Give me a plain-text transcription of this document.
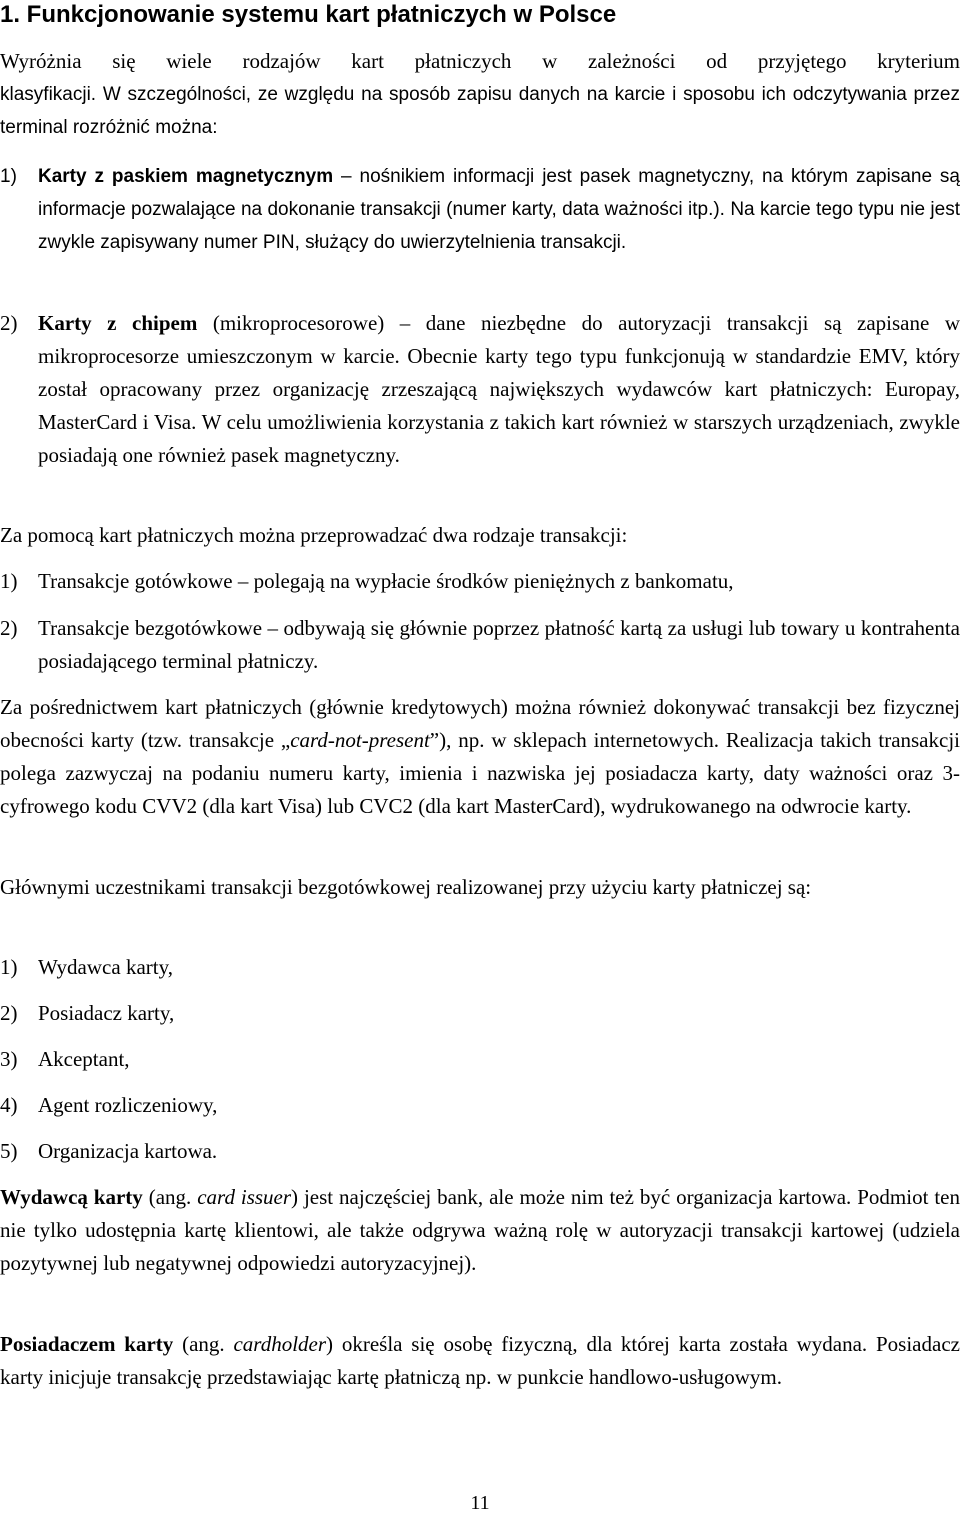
1. Funkcjonowanie systemu kart płatniczych w Polsce

Wyróżnia się wiele rodzajów kart płatniczych w zależności od przyjętego kryterium

klasyfikacji. W szczególności, ze względu na sposób zapisu danych na karcie i sposobu ich odczytywania przez terminal rozróżnić można:

1) Karty z paskiem magnetycznym – nośnikiem informacji jest pasek magnetyczny, na którym zapisane są informacje pozwalające na dokonanie transakcji (numer karty, data ważności itp.). Na karcie tego typu nie jest zwykle zapisywany numer PIN, służący do uwierzytelnienia transakcji.
2) Karty z chipem (mikroprocesorowe) – dane niezbędne do autoryzacji transakcji są zapisane w mikroprocesorze umieszczonym w karcie. Obecnie karty tego typu funkcjonują w standardzie EMV, który został opracowany przez organizację zrzeszającą największych wydawców kart płatniczych: Europay, MasterCard i Visa. W celu umożliwienia korzystania z takich kart również w starszych urządzeniach, zwykle posiadają one również pasek magnetyczny.

Za pomocą kart płatniczych można przeprowadzać dwa rodzaje transakcji:

1) Transakcje gotówkowe – polegają na wypłacie środków pieniężnych z bankomatu,
2) Transakcje bezgotówkowe – odbywają się głównie poprzez płatność kartą za usługi lub towary u kontrahenta posiadającego terminal płatniczy.

Za pośrednictwem kart płatniczych (głównie kredytowych) można również dokonywać transakcji bez fizycznej obecności karty (tzw. transakcje „card-not-present”), np. w sklepach internetowych. Realizacja takich transakcji polega zazwyczaj na podaniu numeru karty, imienia i nazwiska jej posiadacza karty, daty ważności oraz 3-cyfrowego kodu CVV2 (dla kart Visa) lub CVC2 (dla kart MasterCard), wydrukowanego na odwrocie karty.

Głównymi uczestnikami transakcji bezgotówkowej realizowanej przy użyciu karty płatniczej są:

1) Wydawca karty,
2) Posiadacz karty,
3) Akceptant,
4) Agent rozliczeniowy,
5) Organizacja kartowa.

Wydawcą karty (ang. card issuer) jest najczęściej bank, ale może nim też być organizacja kartowa. Podmiot ten nie tylko udostępnia kartę klientowi, ale także odgrywa ważną rolę w autoryzacji transakcji kartowej (udziela pozytywnej lub negatywnej odpowiedzi autoryzacyjnej).

Posiadaczem karty (ang. cardholder) określa się osobę fizyczną, dla której karta została wydana. Posiadacz karty inicjuje transakcję przedstawiając kartę płatniczą np. w punkcie handlowo-usługowym.

11
